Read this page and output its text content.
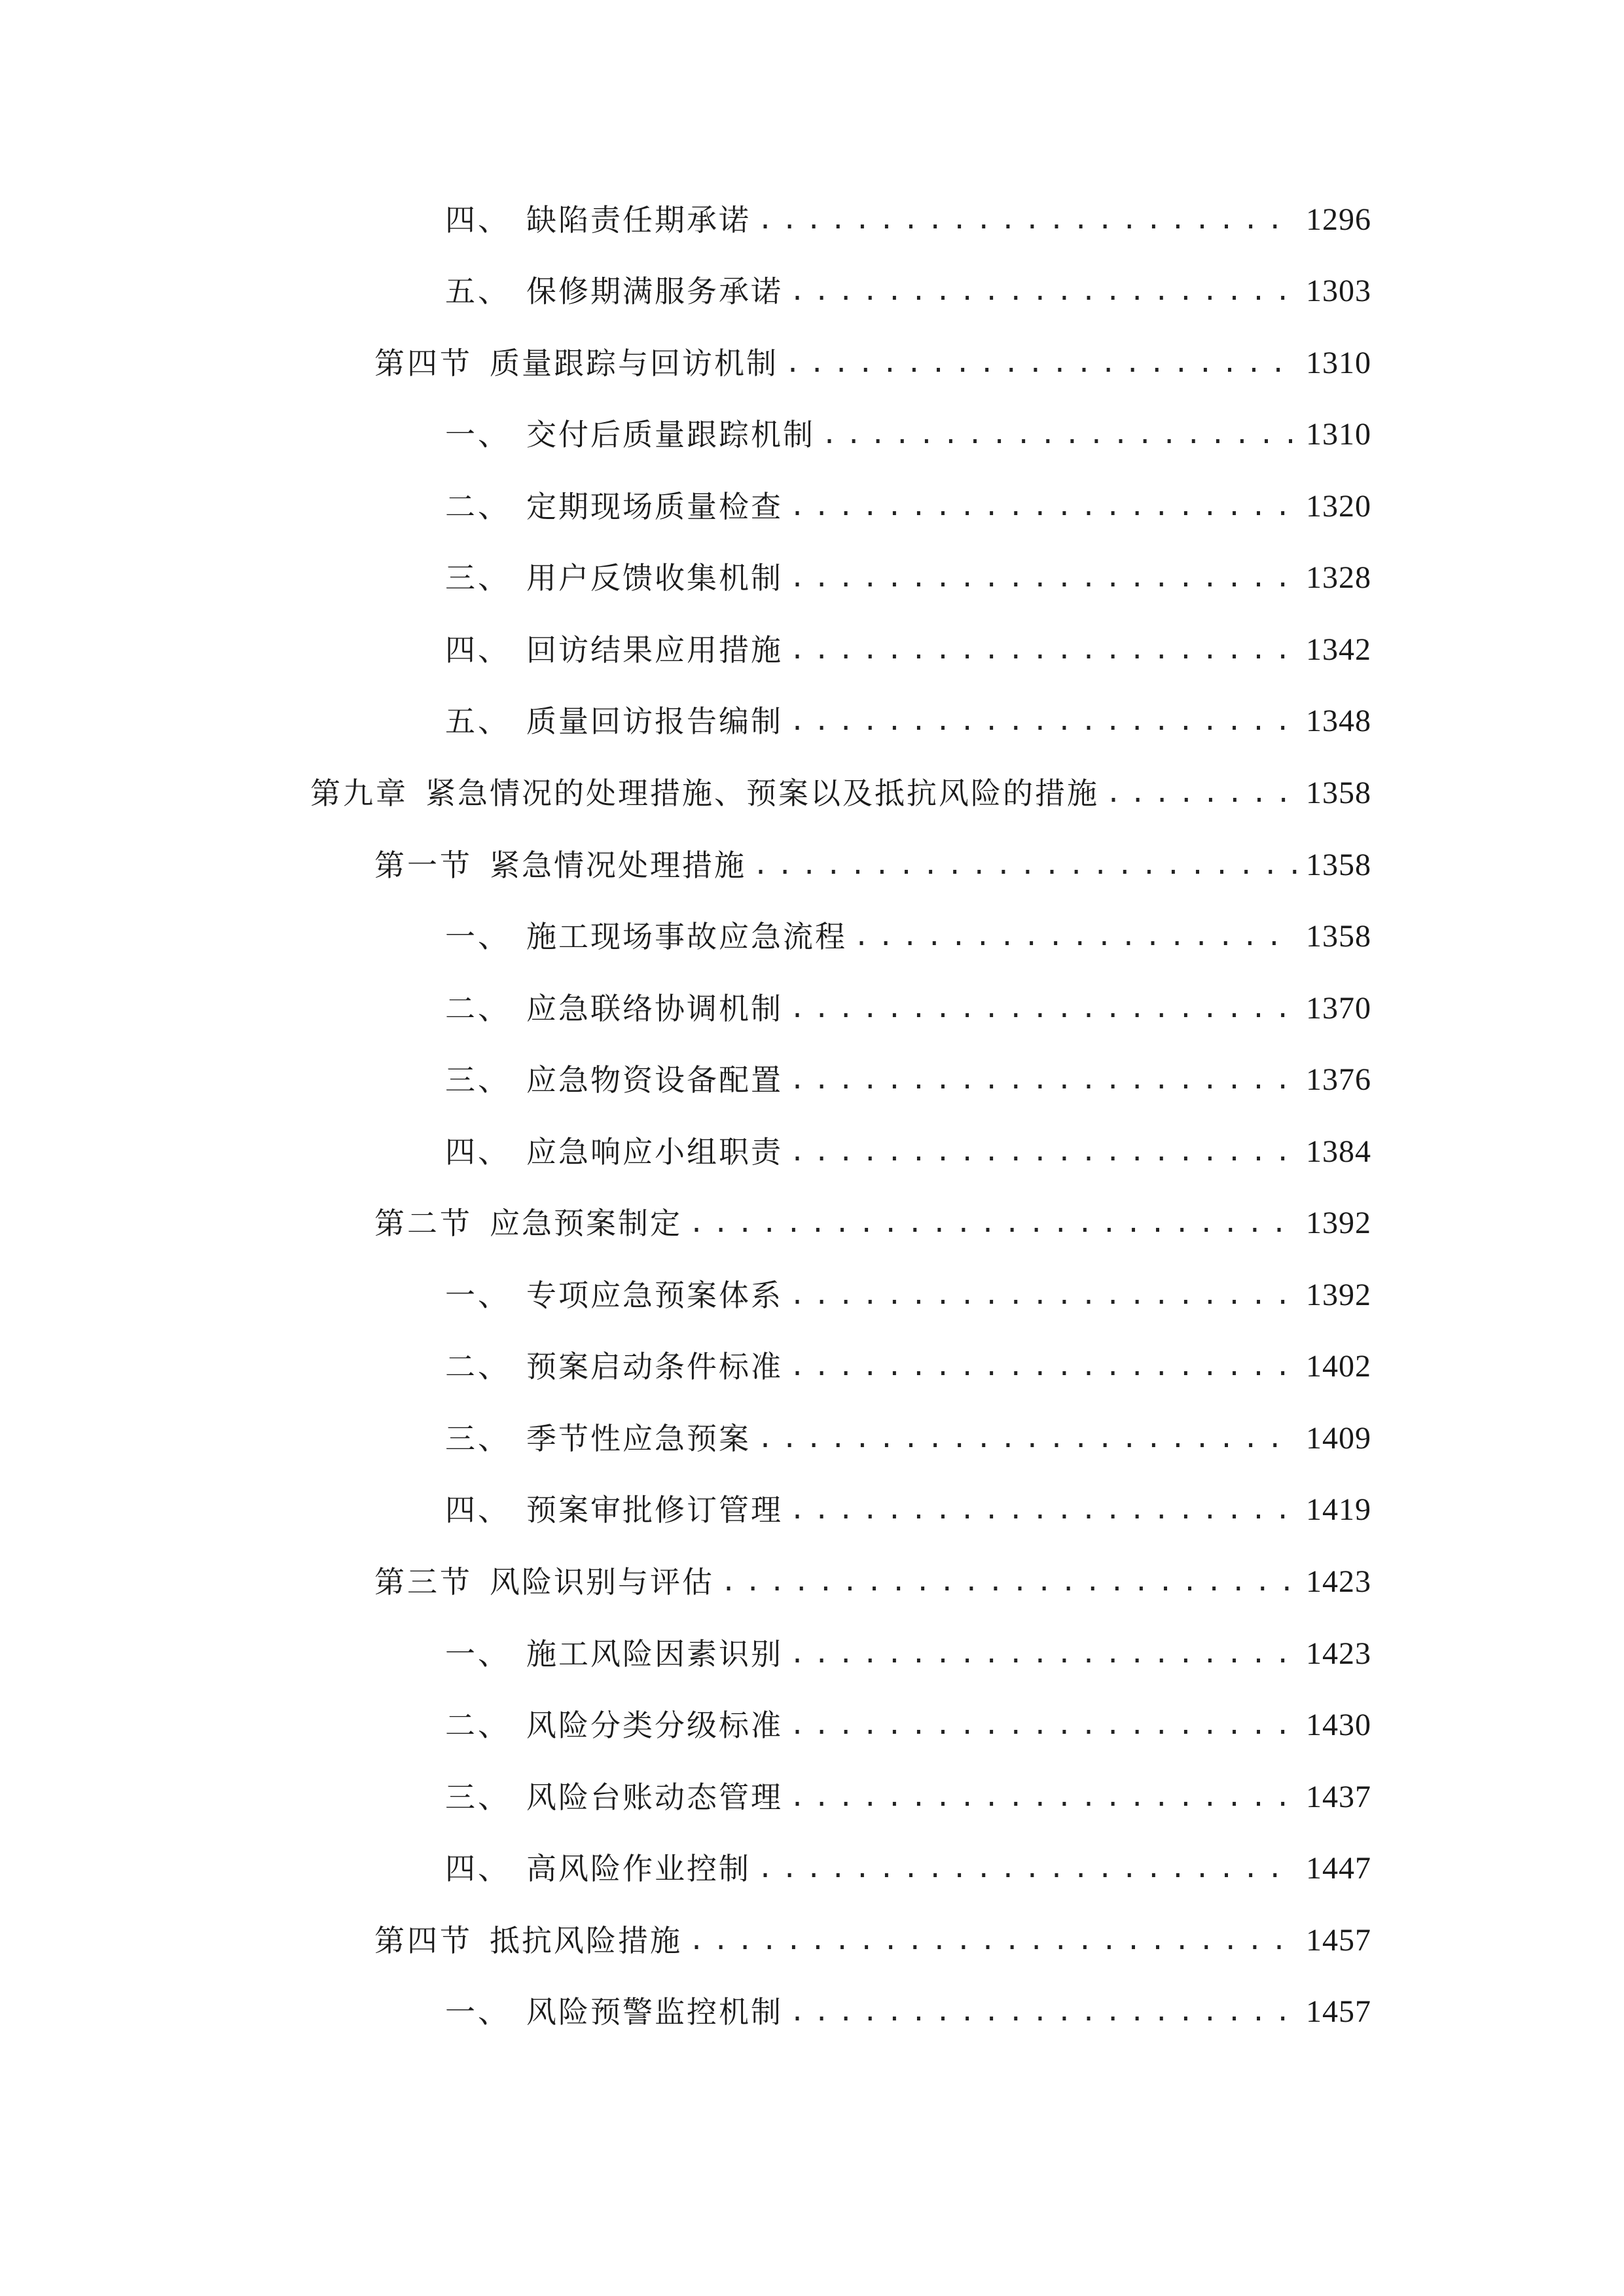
四、 缺陷责任期承诺 .....	1296
五、 保修期满服务承诺 .....	1303
第四节 质量跟踪与回访机制 .....	1310
一、 交付后质量跟踪机制 .....	1310
二、 定期现场质量检查 .....	1320
三、 用户反馈收集机制 .....	1328
四、 回访结果应用措施 .....	1342
五、 质量回访报告编制 .....	1348
第九章 紧急情况的处理措施、预案以及抵抗风险的措施 .....	1358
第一节 紧急情况处理措施 .....	1358
一、 施工现场事故应急流程 .....	1358
二、 应急联络协调机制 .....	1370
三、 应急物资设备配置 .....	1376
四、 应急响应小组职责 .....	1384
第二节 应急预案制定 .....	1392
一、 专项应急预案体系 .....	1392
二、 预案启动条件标准 .....	1402
三、 季节性应急预案 .....	1409
四、 预案审批修订管理 .....	1419
第三节 风险识别与评估 .....	1423
一、 施工风险因素识别 .....	1423
二、 风险分类分级标准 .....	1430
三、 风险台账动态管理 .....	1437
四、 高风险作业控制 .....	1447
第四节 抵抗风险措施 .....	1457
一、 风险预警监控机制 .....	1457
